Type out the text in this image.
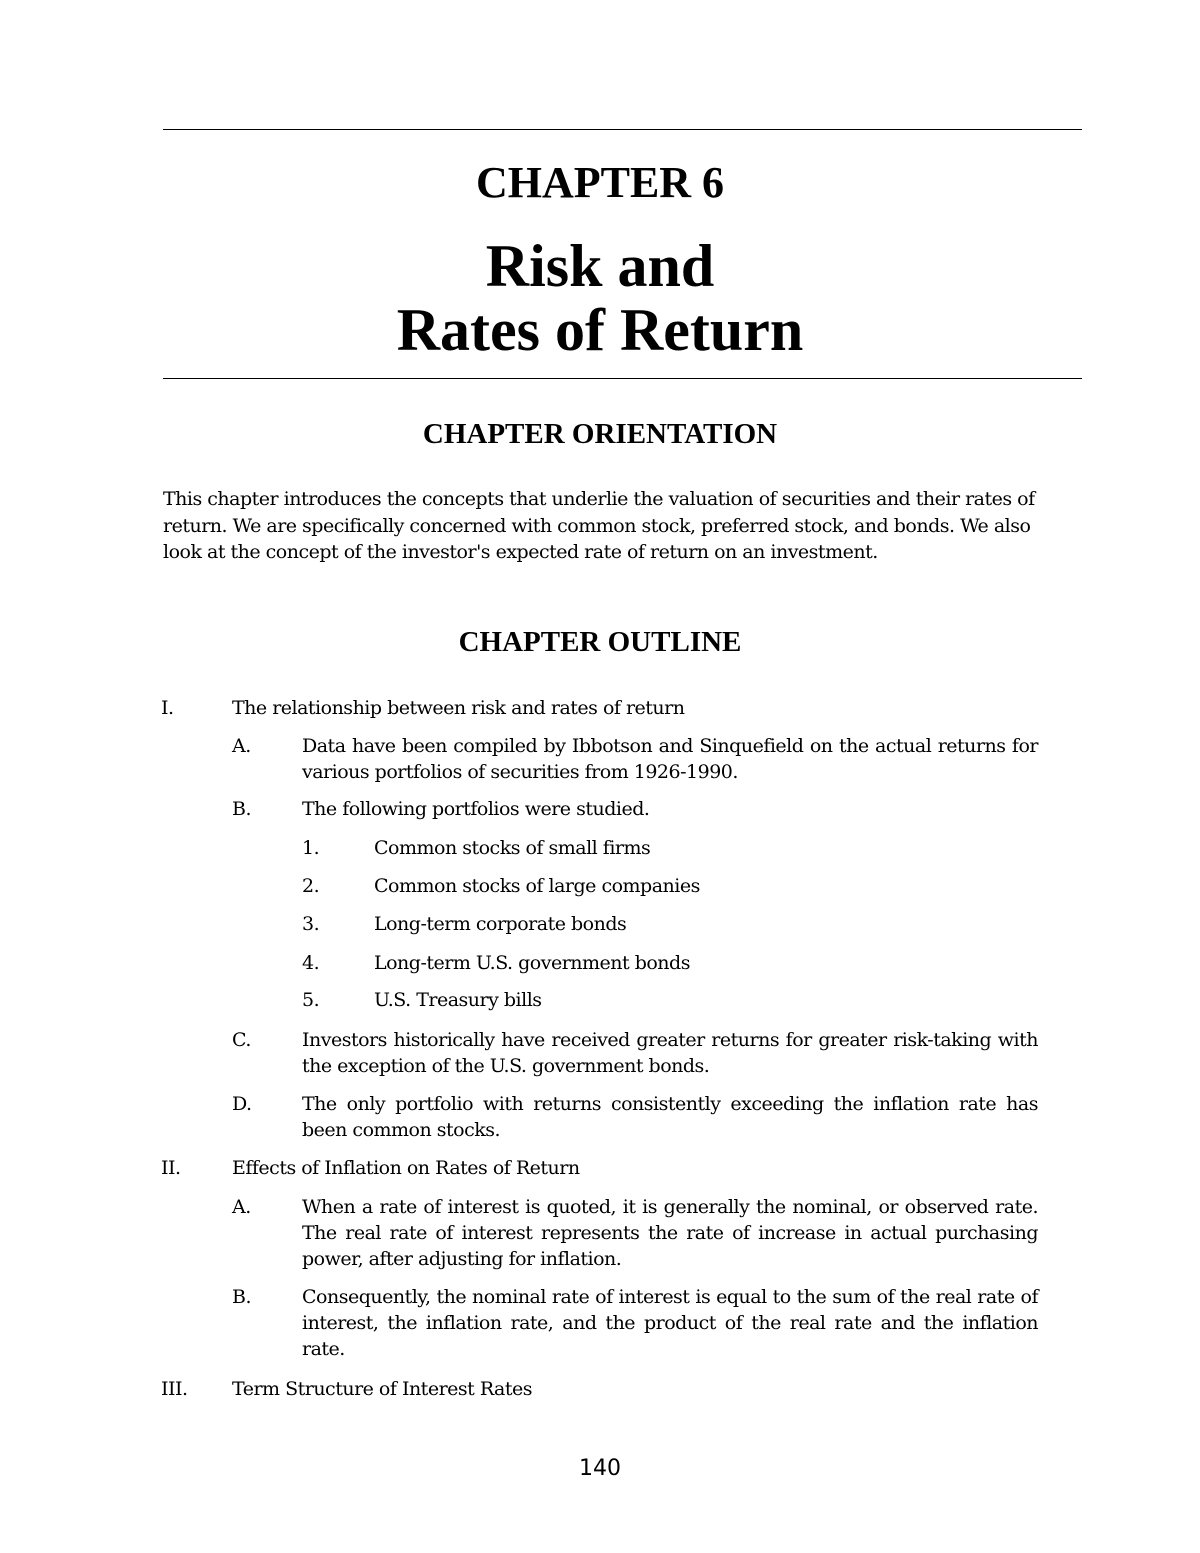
CHAPTER 6
Risk and
Rates of Return
CHAPTER ORIENTATION

This chapter introduces the concepts that underlie the valuation of securities and their rates of return. We are specifically concerned with common stock, preferred stock, and bonds. We also look at the concept of the investor's expected rate of return on an investment.

CHAPTER OUTLINE
I.	The relationship between risk and rates of return
A.	Data have been compiled by Ibbotson and Sinquefield on the actual returns for various portfolios of securities from 1926-1990.
B.	The following portfolios were studied.
1.	Common stocks of small firms
2.	Common stocks of large companies
3.	Long-term corporate bonds
4.	Long-term U.S. government bonds
5.	U.S. Treasury bills
C.	Investors historically have received greater returns for greater risk-taking with the exception of the U.S. government bonds.
D.	The only portfolio with returns consistently exceeding the inflation rate has been common stocks.
II.	Effects of Inflation on Rates of Return
A.	When a rate of interest is quoted, it is generally the nominal, or observed rate. The real rate of interest represents the rate of increase in actual purchasing power, after adjusting for inflation.
B.	Consequently, the nominal rate of interest is equal to the sum of the real rate of interest, the inflation rate, and the product of the real rate and the inflation rate.
III. Term Structure of Interest Rates
140
